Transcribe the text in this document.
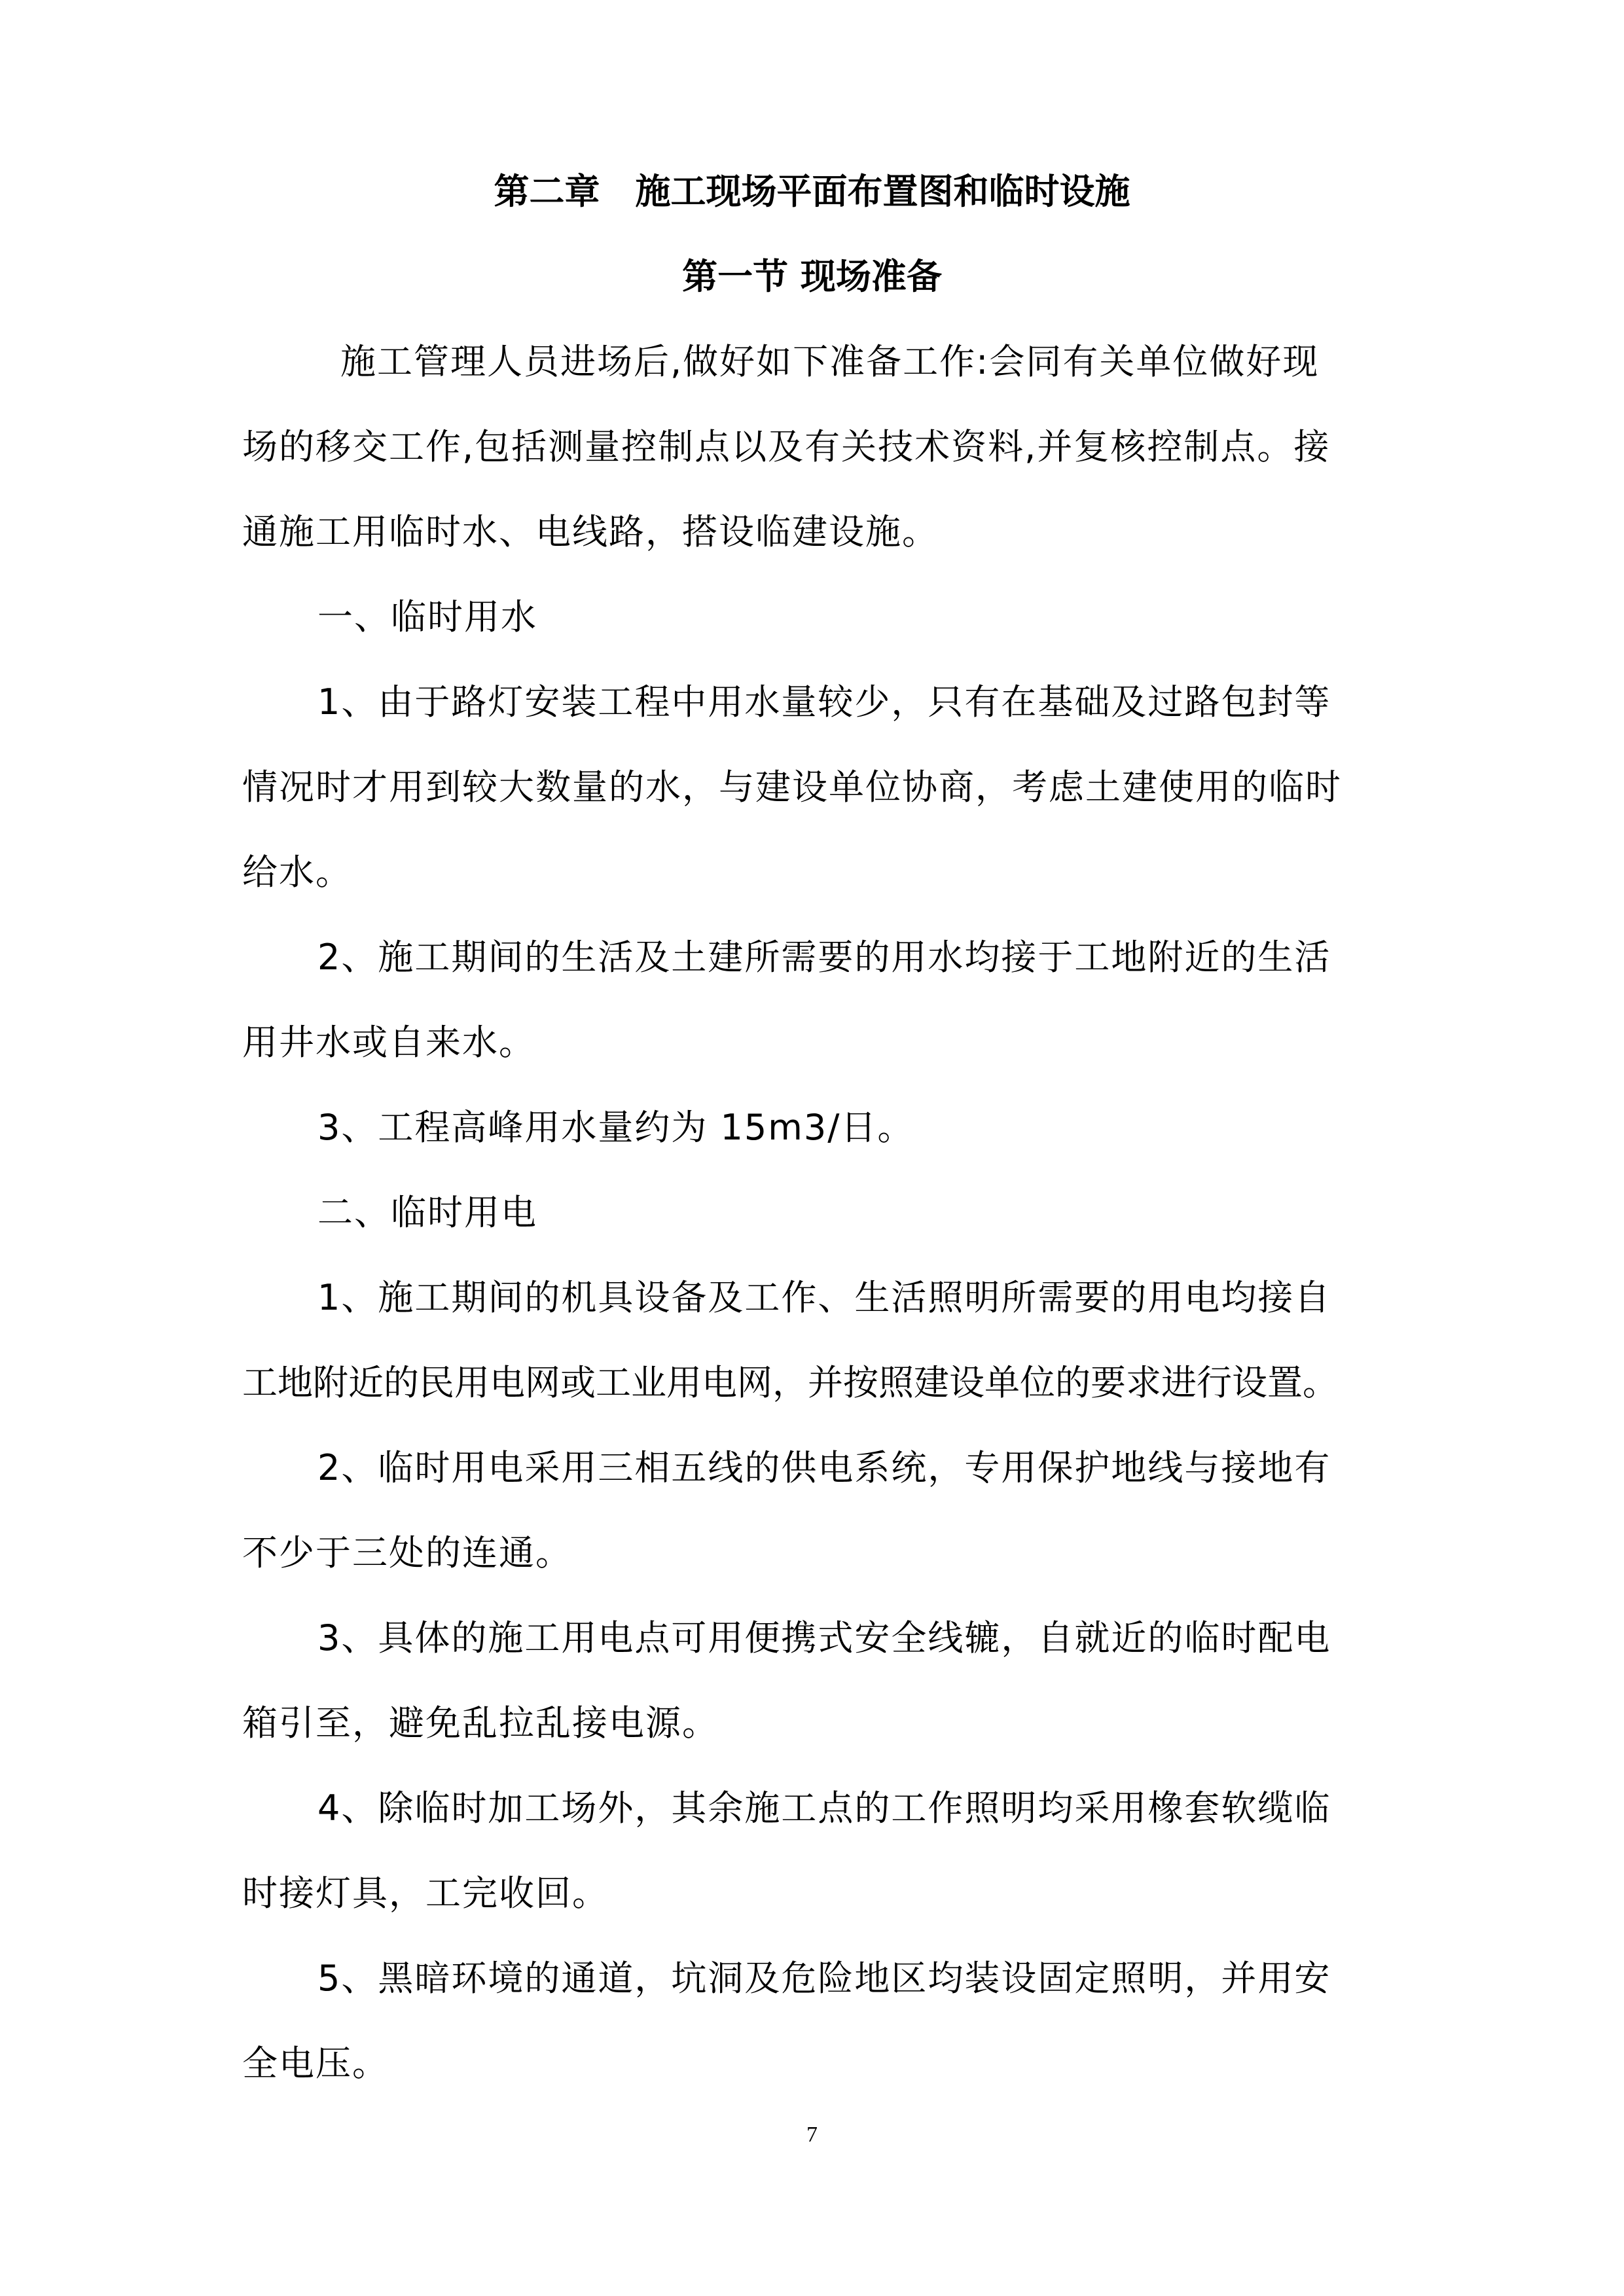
第二章　施工现场平面布置图和临时设施
第一节 现场准备
施工管理人员进场后,做好如下准备工作:会同有关单位做好现
场的移交工作,包括测量控制点以及有关技术资料,并复核控制点。接
通施工用临时水、电线路，搭设临建设施。
一、临时用水
1、由于路灯安装工程中用水量较少，只有在基础及过路包封等
情况时才用到较大数量的水，与建设单位协商，考虑土建使用的临时
给水。
2、施工期间的生活及土建所需要的用水均接于工地附近的生活
用井水或自来水。
3、工程高峰用水量约为 15m3/日。
二、临时用电
1、施工期间的机具设备及工作、生活照明所需要的用电均接自
工地附近的民用电网或工业用电网，并按照建设单位的要求进行设置。
2、临时用电采用三相五线的供电系统，专用保护地线与接地有
不少于三处的连通。
3、具体的施工用电点可用便携式安全线辘，自就近的临时配电
箱引至，避免乱拉乱接电源。
4、除临时加工场外，其余施工点的工作照明均采用橡套软缆临
时接灯具，工完收回。
5、黑暗环境的通道，坑洞及危险地区均装设固定照明，并用安
全电压。
7
